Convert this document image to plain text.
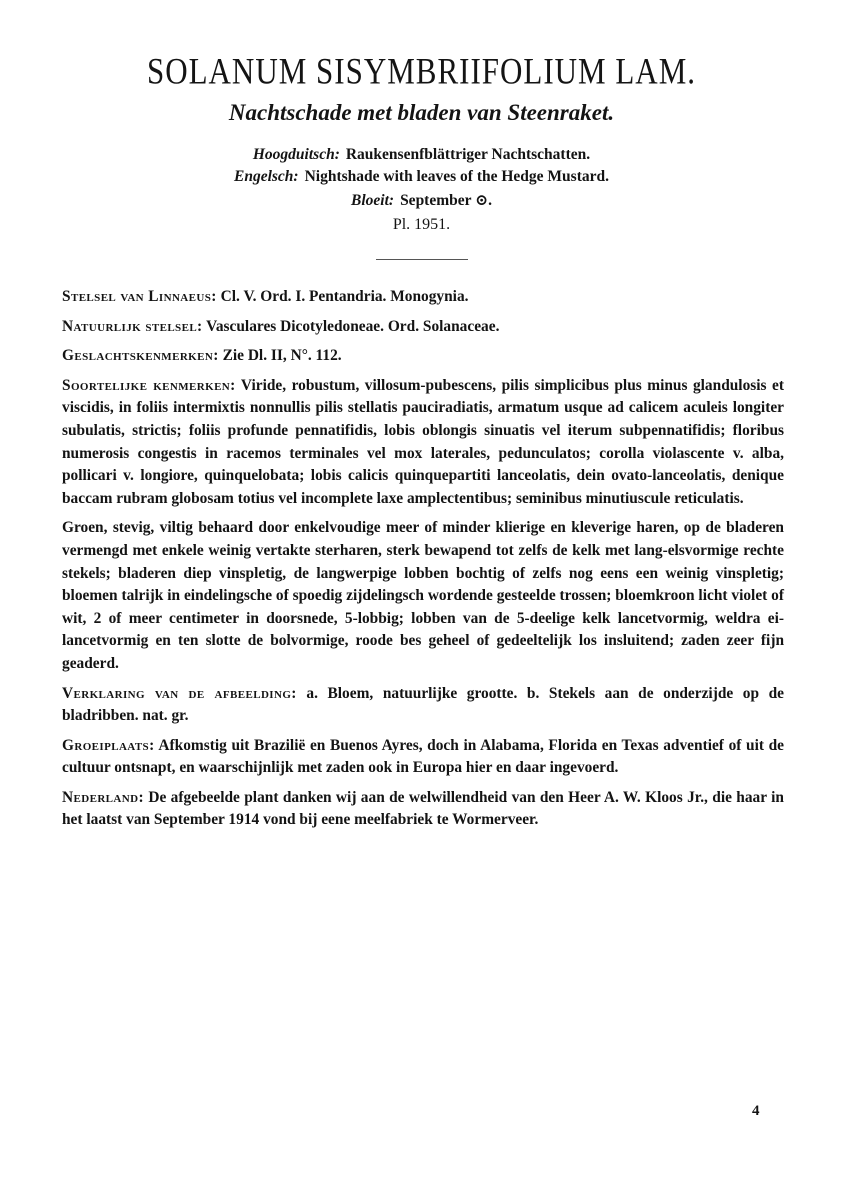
SOLANUM SISYMBRIIFOLIUM LAM.
Nachtschade met bladen van Steenraket.
Hoogduitsch: Raukensenfblättriger Nachtschatten.
Engelsch: Nightshade with leaves of the Hedge Mustard.
Bloeit: September ⊙.
Pl. 1951.

Stelsel van Linnaeus: Cl. V. Ord. I. Pentandria. Monogynia.

Natuurlijk stelsel: Vasculares Dicotyledoneae. Ord. Solanaceae.

Geslachtskenmerken: Zie Dl. II, N°. 112.

Soortelijke kenmerken: Viride, robustum, villosum-pubescens, pilis simplicibus plus minus glandulosis et viscidis, in foliis intermixtis nonnullis pilis stellatis pauciradiatis, armatum usque ad calicem aculeis longiter subulatis, strictis; foliis profunde pennatifidis, lobis oblongis sinuatis vel iterum subpennatifidis; floribus numerosis congestis in racemos terminales vel mox laterales, pedunculatos; corolla violascente v. alba, pollicari v. longiore, quinquelobata; lobis calicis quinquepartiti lanceolatis, dein ovato-lanceolatis, denique baccam rubram globosam totius vel incomplete laxe amplectentibus; seminibus minutiuscule reticulatis.

Groen, stevig, viltig behaard door enkelvoudige meer of minder klierige en kleverige haren, op de bladeren vermengd met enkele weinig vertakte sterharen, sterk bewapend tot zelfs de kelk met lang-elsvormige rechte stekels; bladeren diep vinspletig, de langwerpige lobben bochtig of zelfs nog eens een weinig vinspletig; bloemen talrijk in eindelingsche of spoedig zijdelingsch wordende gesteelde trossen; bloemkroon licht violet of wit, 2 of meer centimeter in doorsnede, 5-lobbig; lobben van de 5-deelige kelk lancetvormig, weldra ei-lancetvormig en ten slotte de bolvormige, roode bes geheel of gedeeltelijk los insluitend; zaden zeer fijn geaderd.

Verklaring van de afbeelding: a. Bloem, natuurlijke grootte. b. Stekels aan de onderzijde op de bladribben. nat. gr.

Groeiplaats: Afkomstig uit Brazilië en Buenos Ayres, doch in Alabama, Florida en Texas adventief of uit de cultuur ontsnapt, en waarschijnlijk met zaden ook in Europa hier en daar ingevoerd.

Nederland: De afgebeelde plant danken wij aan de welwillendheid van den Heer A. W. Kloos Jr., die haar in het laatst van September 1914 vond bij eene meelfabriek te Wormerveer.

4
